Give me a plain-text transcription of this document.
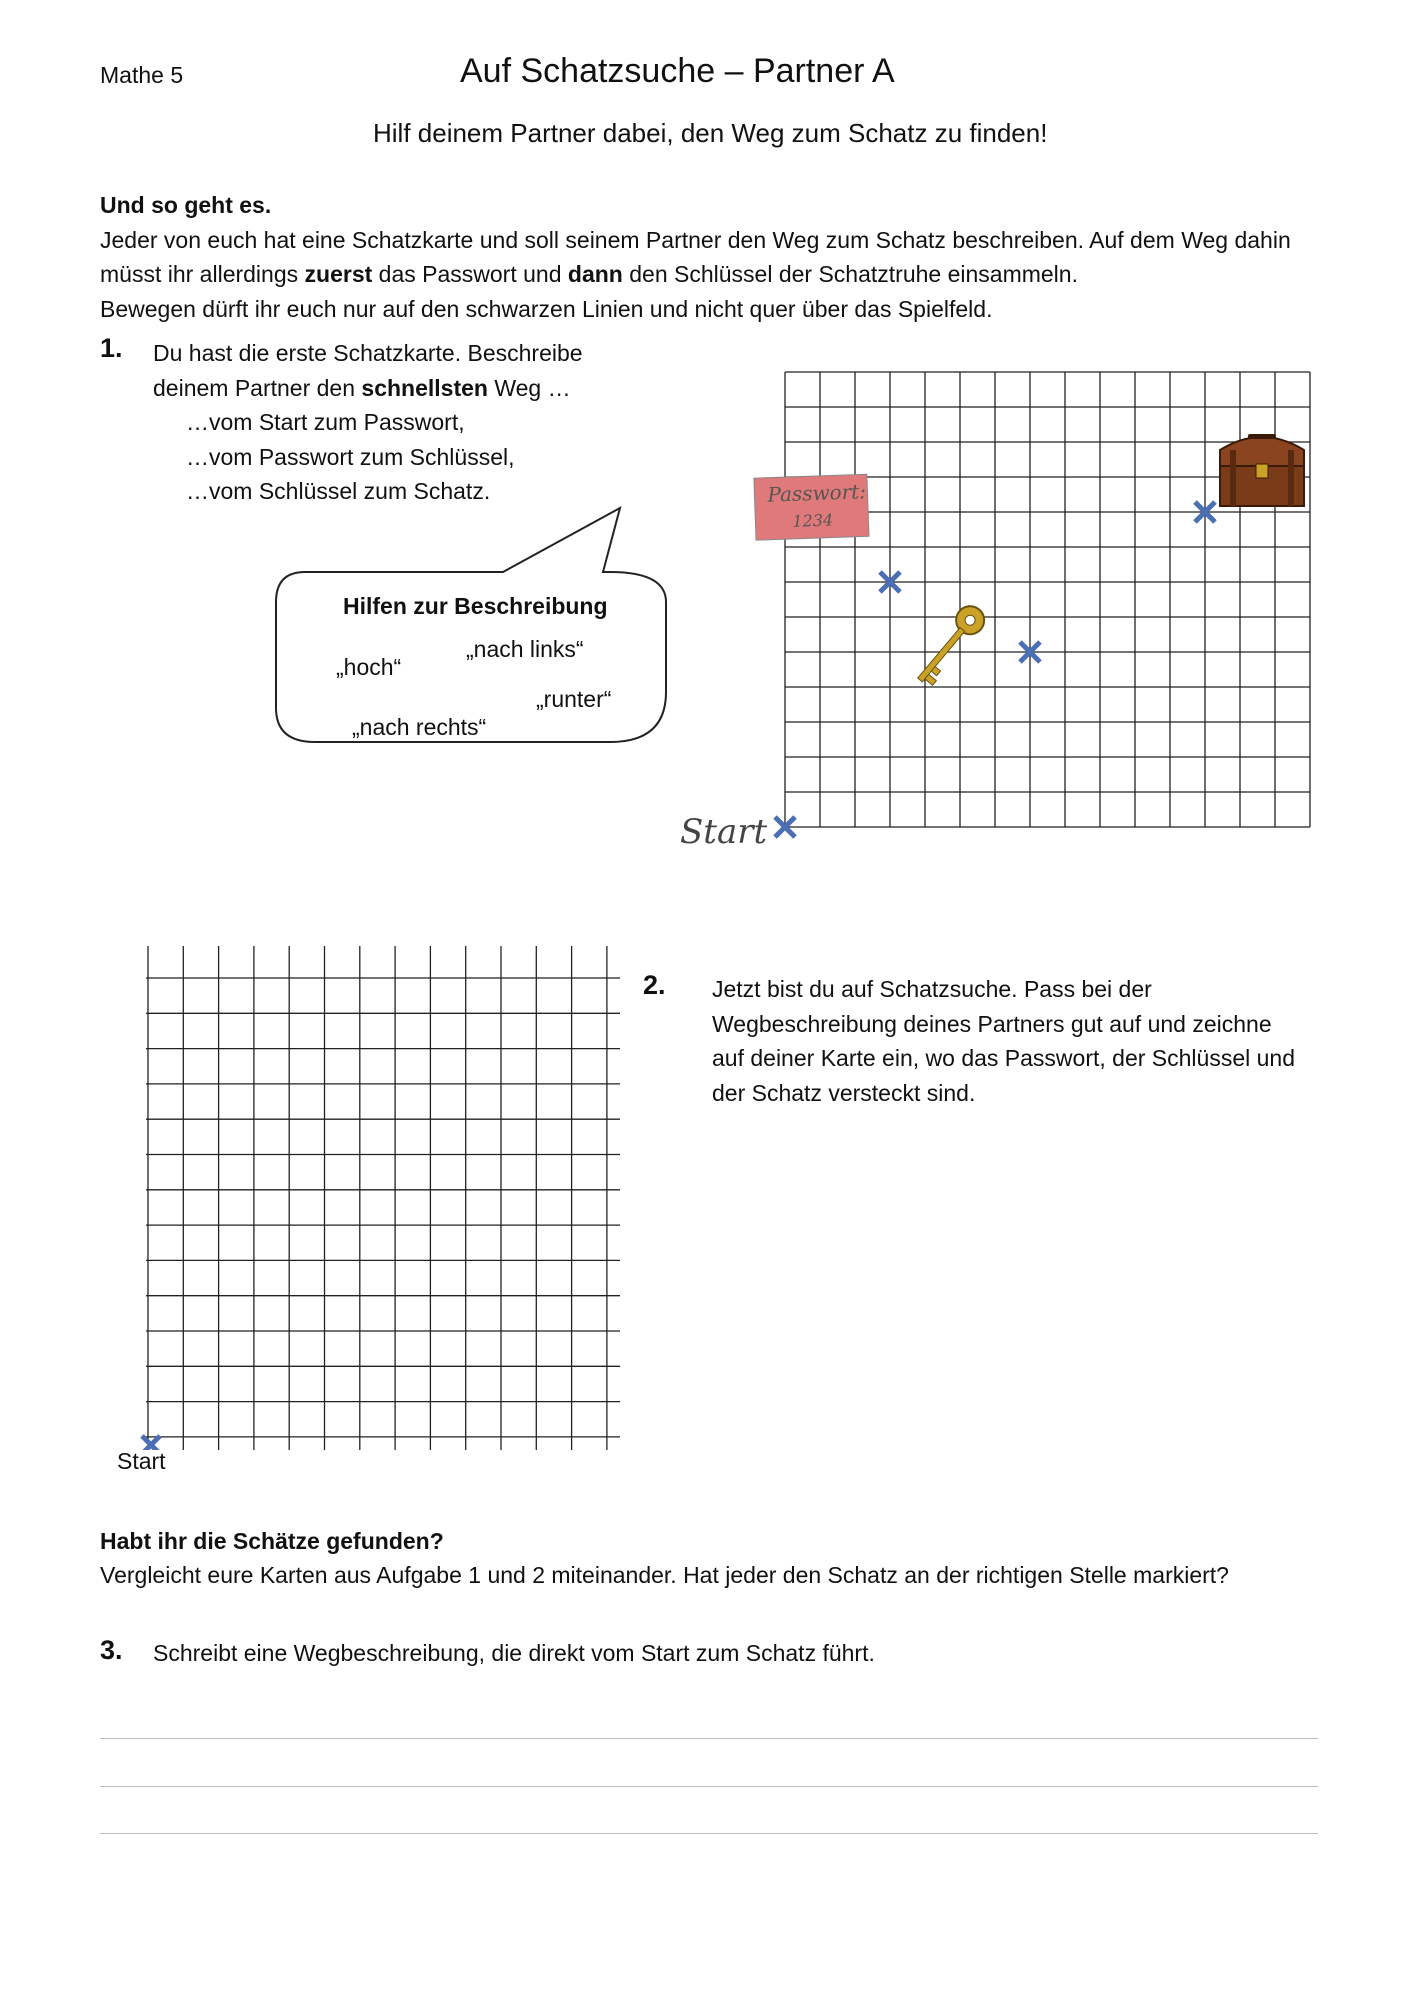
Mathe 5	Auf Schatzsuche – Partner A
Hilf deinem Partner dabei, den Weg zum Schatz zu finden!
Und so geht es.
Jeder von euch hat eine Schatzkarte und soll seinem Partner den Weg zum Schatz beschreiben. Auf dem Weg dahin müsst ihr allerdings zuerst das Passwort und dann den Schlüssel der Schatztruhe einsammeln.
Bewegen dürft ihr euch nur auf den schwarzen Linien und nicht quer über das Spielfeld.
1. Du hast die erste Schatzkarte. Beschreibe
deinem Partner den schnellsten Weg …
…vom Start zum Passwort,
…vom Passwort zum Schlüssel,
…vom Schlüssel zum Schatz.
Hilfen zur Beschreibung
„nach links“
„hoch“
„runter“
„nach rechts“
Passwort:
1234
Start
Start
2. Jetzt bist du auf Schatzsuche. Pass bei der
Wegbeschreibung deines Partners gut auf und zeichne
auf deiner Karte ein, wo das Passwort, der Schlüssel und
der Schatz versteckt sind.
Habt ihr die Schätze gefunden?
Vergleicht eure Karten aus Aufgabe 1 und 2 miteinander. Hat jeder den Schatz an der richtigen Stelle markiert?
3. Schreibt eine Wegbeschreibung, die direkt vom Start zum Schatz führt.
